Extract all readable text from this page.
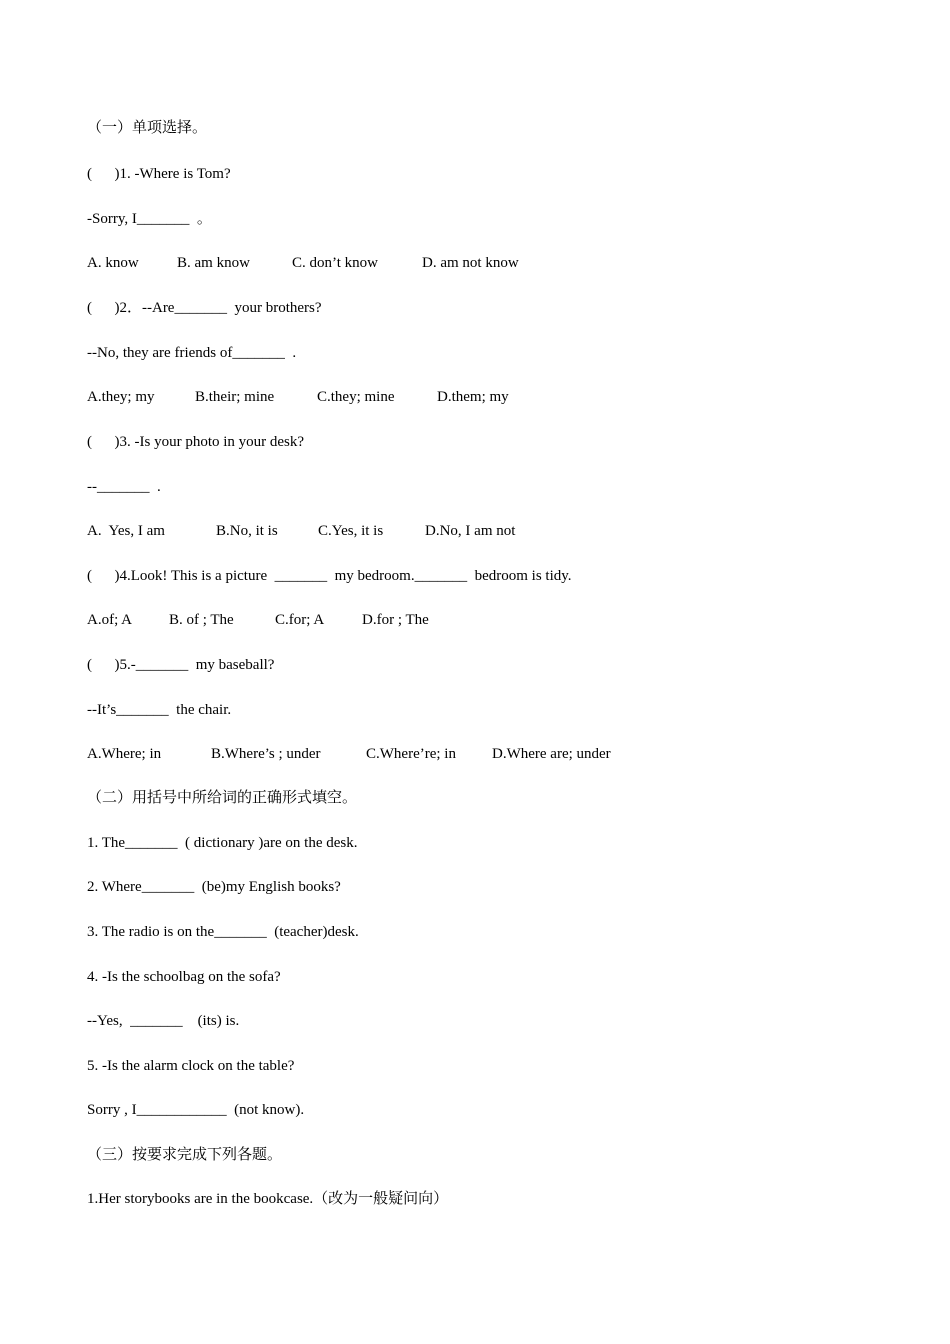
（一）单项选择。
(      )1. -Where is Tom?
-Sorry, I_______  。
A. know	B. am know	C. don’t know	D. am not know
(      )2．--Are_______  your brothers?
--No, they are friends of_______  .
A.they; my	B.their; mine	C.they; mine	D.them; my
(      )3. -Is your photo in your desk?
--_______  .
A.  Yes, I am	B.No, it is	C.Yes, it is	D.No, I am not
(      )4.Look! This is a picture  _______  my bedroom._______  bedroom is tidy.
A.of; A B. of ; The	C.for; A	D.for ; The
(      )5.-_______  my baseball?
--It’s_______  the chair.
A.Where; in	B.Where’s ; under	C.Where’re; in D.Where are; under
（二）用括号中所给词的正确形式填空。
1. The_______  ( dictionary )are on the desk.
2. Where_______  (be)my English books?
3. The radio is on the_______  (teacher)desk.
4. -Is the schoolbag on the sofa?
--Yes,  _______    (its) is.
5. -Is the alarm clock on the table?
Sorry , I____________  (not know).
（三）按要求完成下列各题。
1.Her storybooks are in the bookcase.（改为一般疑问向）
